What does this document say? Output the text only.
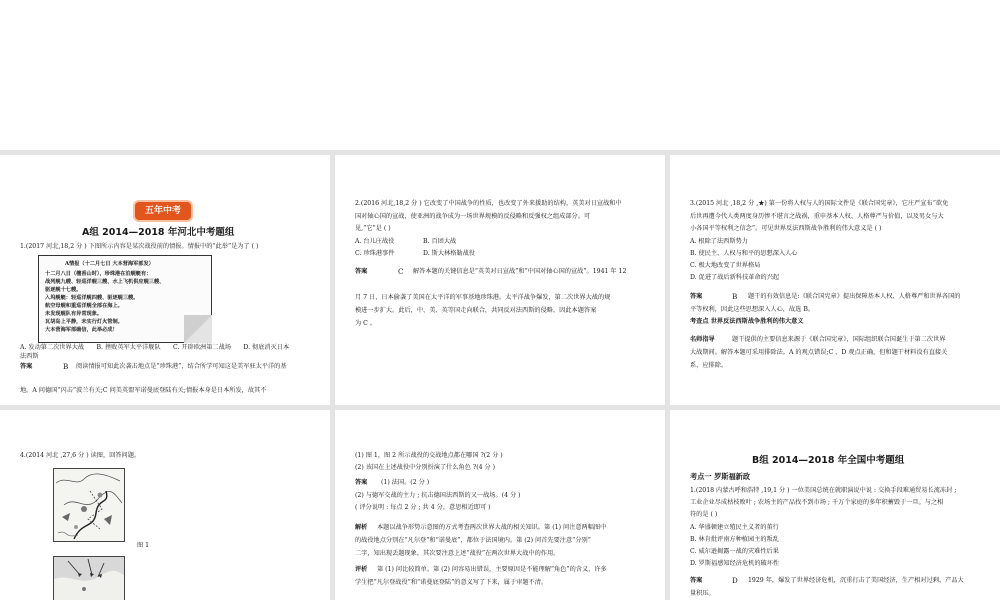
五年中考
A组 2014—2018 年河北中考题组
1.(2017 河北,18,2 分 ) 下图所示内容是某次战役前的情报。情报中的“此举”是为了 ( )
A情报（十二月七日 大本营海军部发）
十二月八日（檀香山时），珍珠港在泊舰艇有：
战列舰九艘、轻巡洋舰三艘、水上飞机供应舰三艘、
驱逐舰十七艘。
入坞舰艇：轻巡洋舰四艘、驱逐舰三艘。
航空母舰和重巡洋舰全部在海上。
未发现舰队有异常现象。
瓦胡岛上平静，未实行灯火管制。
大本营海军部确信，此举必成！
A. 发动第二次世界大战　　B. 挫败英军太平洋舰队　　C. 开辟欧洲第二战场　　D. 彻底消灭日本
法西斯
答案	B 阅读情报可知此次袭击地点是“珍珠港”，结合所学可知这是美军驻太平洋的基
地。A 问德国“闪击”波兰有关;C 问美英盟军诺曼底登陆有关;情报本身是日本所发，故其不
2.(2016 河北,18,2 分 ) 它改变了中国战争的性质，也改变了外来援助的结构，英美对日宣战和中
国对轴心国的宣战，使亚洲的战争成为一场世界规模的反侵略和反强权之组成部分。可
见,“它”是 ( )
A. 台儿庄战役	B. 百团大战
C. 珍珠港事件	D. 斯大林格勒战役
答案	C 解答本题的关键信息是“英美对日宣战”和“中国对轴心国的宣战”。1941 年 12
月 7 日，日本偷袭了美国在太平洋的军事基地珍珠港。太平洋战争爆发，第二次世界大战的规
模进一步扩大。此后，中、美、英等国走向联合，共同反对法西斯的侵略。因此本题答案
为 C 。
3.(2015 河北 ,18,2 分 ,★) 第一份将人权与人的国际文件是《联合国宪章》，它庄严宣布“欲免
后世再遭今代人类两度身历惨不堪言之战祸，重申基本人权、人格尊严与价值，以及男女与大
小各国平等权利之信念”。可见世界反法西斯战争胜利的伟大意义是 ( )
A. 根除了法西斯势力
B. 使民主、人权与和平的思想深入人心
C. 极大地改变了世界格局
D. 促进了战后新科技革命的兴起
答案	B 题干的有效信息是:《联合国宪章》提出保障基本人权、人格尊严和世界各国的
平等权利，因此这些思想深入人心，故选 B。
考查点 世界反法西斯战争胜利的伟大意义
名师指导	题干提供的主要信息来源于《联合国宪章》，国际组织联合国诞生于第二次世界
大战期间。解答本题可采用排除法。A 的观点错误;C 、D 观点正确，但和题干材料没有直接关
系，应排除。
4.(2014 河北 ,27,6 分 ) 读图，回答问题。
图 1
(1) 图 1，图 2 所示战役的交战地点都在哪国 ?(2 分 )
(2) 该国在上述战役中分别扮演了什么角色 ?(4 分 )
答案 (1) 法国。(2 分 )
(2) 与德军交战的主力 ; 抗击德国法西斯的又一战场。(4 分 )
( 评分说明 : 每点 2 分 ; 共 4 分，意思相近即可 )
解析 本题以战争形势示意图的方式考查两次世界大战的相关知识。第 (1) 问注意两幅图中
的战役地点分别在“凡尔登”和“诺曼底”，都位于法国境内。第 (2) 问首先要注意“分别”
二字，知出现丢题现象，其次要注意上述“战役”在两次世界大战中的作用。
评析 第 (1) 问比较简单。第 (2) 问容易出错误，主要原因是不能理解“角色”的含义，许多
学生把“凡尔登战役”和“诺曼底登陆”的意义写了下来，属于审题不清。
B组 2014—2018 年全国中考题组
考点一 罗斯福新政
1.(2018 内蒙古呼和浩特 ,19,1 分 ) 一位美国总统在就职演说中说 : 交换手段难通贸易长流冻封 ;
工业企业尽成枯枝败叶 ; 农场主的产品找不到市场 ; 千万个家庭的多年积蓄毁于一旦。与之相
符的是 ( )
A. 华盛顿建立殖民主义者的董行
B. 林肯批评南方种植园主的叛乱
C. 威尔逊揭露一战的灾难性后果
D. 罗斯福感知经济危机的破坏性
答案	D 1929 年，爆发了世界经济危机，沉重打击了美国经济，生产相对过剩，产品大
量积压。
